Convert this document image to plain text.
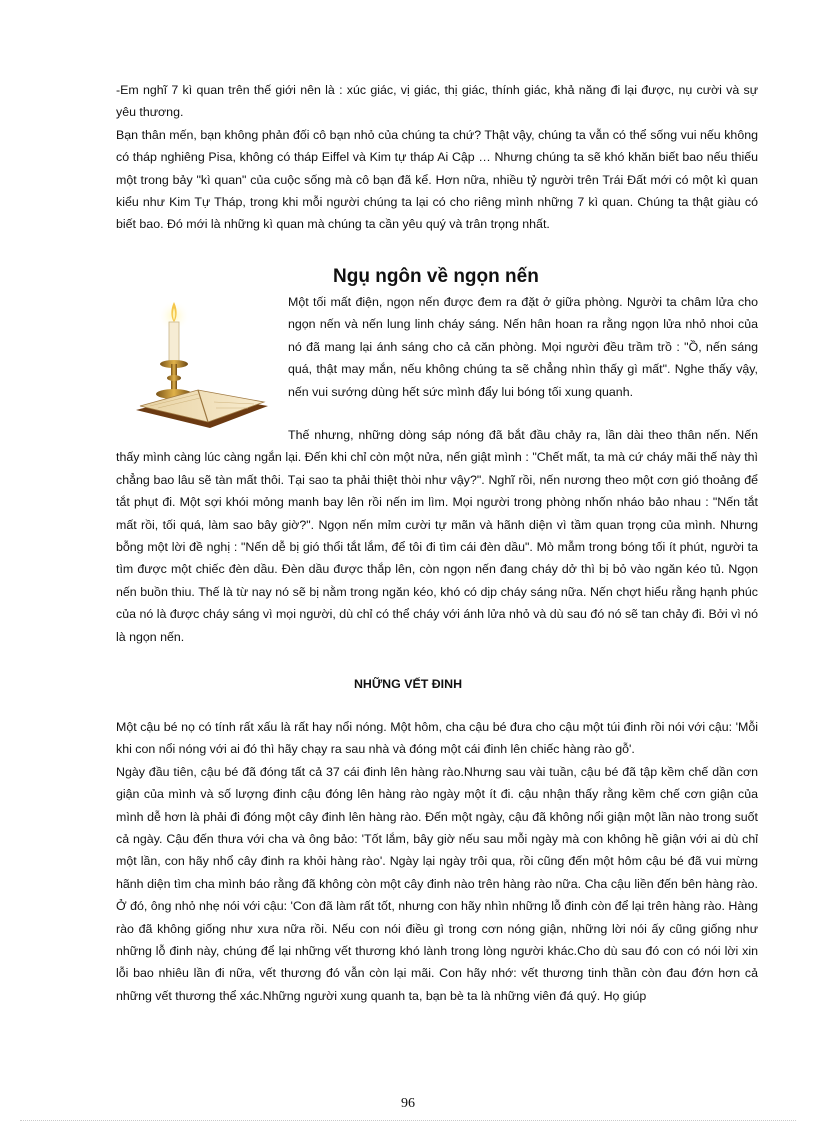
-Em nghĩ 7 kì quan trên thế giới nên là : xúc giác, vị giác, thị giác, thính giác, khả năng đi lại được, nụ cười và sự yêu thương.

Bạn thân mến, bạn không phản đối cô bạn nhỏ của chúng ta chứ? Thật vậy, chúng ta vẫn có thể sống vui nếu không có tháp nghiêng Pisa, không có tháp Eiffel và Kim tự tháp Ai Cập … Nhưng chúng ta sẽ khó khăn biết bao nếu thiếu một trong bảy "kì quan" của cuộc sống mà cô bạn đã kể. Hơn nữa, nhiều tỷ người trên Trái Đất mới có một kì quan kiểu như Kim Tự Tháp, trong khi mỗi người chúng ta lại có cho riêng mình những 7 kì quan. Chúng ta thật giàu có biết bao. Đó mới là những kì quan mà chúng ta cần yêu quý và trân trọng nhất.

Ngụ ngôn về ngọn nến

Một tối mất điện, ngọn nến được đem ra đặt ở giữa phòng. Người ta châm lửa cho ngọn nến và nến lung linh cháy sáng. Nến hân hoan ra rằng ngọn lửa nhỏ nhoi của nó đã mang lại ánh sáng cho cả căn phòng. Mọi người đều trầm trồ : "Ồ, nến sáng quá, thật may mắn, nếu không chúng ta sẽ chẳng nhìn thấy gì mất". Nghe thấy vậy, nến vui sướng dùng hết sức mình đẩy lui bóng tối xung quanh.

Thế nhưng, những dòng sáp nóng đã bắt đầu chảy ra, lần dài theo thân nến. Nến thấy mình càng lúc càng ngắn lại. Đến khi chỉ còn một nửa, nến giật mình : "Chết mất, ta mà cứ cháy mãi thế này thì chẳng bao lâu sẽ tàn mất thôi. Tại sao ta phải thiệt thòi như vậy?". Nghĩ rồi, nến nương theo một cơn gió thoảng để tắt phụt đi. Một sợi khói mỏng manh bay lên rồi nến im lìm. Mọi người trong phòng nhốn nháo bảo nhau : "Nến tắt mất rồi, tối quá, làm sao bây giờ?". Ngọn nến mỉm cười tự mãn và hãnh diện vì tầm quan trọng của mình. Nhưng bỗng một lời đề nghị : "Nến dễ bị gió thổi tắt lắm, để tôi đi tìm cái đèn dầu". Mò mẫm trong bóng tối ít phút, người ta tìm được một chiếc đèn dầu. Đèn dầu được thắp lên, còn ngọn nến đang cháy dở thì bị bỏ vào ngăn kéo tủ. Ngọn nến buồn thiu. Thế là từ nay nó sẽ bị nằm trong ngăn kéo, khó có dịp cháy sáng nữa. Nến chợt hiểu rằng hạnh phúc của nó là được cháy sáng vì mọi người, dù chỉ có thể cháy với ánh lửa nhỏ và dù sau đó nó sẽ tan chảy đi. Bởi vì nó là ngọn nến.

NHỮNG VẾT ĐINH

Một cậu bé nọ có tính rất xấu là rất hay nổi nóng. Một hôm, cha cậu bé đưa cho cậu một túi đinh rồi nói với cậu: 'Mỗi khi con nổi nóng với ai đó thì hãy chạy ra sau nhà và đóng một cái đinh lên chiếc hàng rào gỗ'.

Ngày đầu tiên, cậu bé đã đóng tất cả 37 cái đinh lên hàng rào.Nhưng sau vài tuần, cậu bé đã tập kềm chế dần cơn giận của mình và số lượng đinh cậu đóng lên hàng rào ngày một ít đi. cậu nhận thấy rằng kềm chế cơn giận của mình dễ hơn là phải đi đóng một cây đinh lên hàng rào. Đến một ngày, cậu đã không nổi giận một lần nào trong suốt cả ngày. Cậu đến thưa với cha và ông bảo: 'Tốt lắm, bây giờ nếu sau mỗi ngày mà con không hề giận với ai dù chỉ một lần, con hãy nhổ cây đinh ra khỏi hàng rào'. Ngày lại ngày trôi qua, rồi cũng đến một hôm cậu bé đã vui mừng hãnh diện tìm cha mình báo rằng đã không còn một cây đinh nào trên hàng rào nữa. Cha cậu liền đến bên hàng rào. Ở đó, ông nhỏ nhẹ nói với cậu: 'Con đã làm rất tốt, nhưng con hãy nhìn những lỗ đinh còn để lại trên hàng rào. Hàng rào đã không giống như xưa nữa rồi. Nếu con nói điều gì trong cơn nóng giận, những lời nói ấy cũng giống như những lỗ đinh này, chúng để lại những vết thương khó lành trong lòng người khác.Cho dù sau đó con có nói lời xin lỗi bao nhiêu lần đi nữa, vết thương đó vẫn còn lại mãi. Con hãy nhớ: vết thương tinh thần còn đau đớn hơn cả những vết thương thể xác.Những người xung quanh ta, bạn bè ta là những viên đá quý. Họ giúp

96
